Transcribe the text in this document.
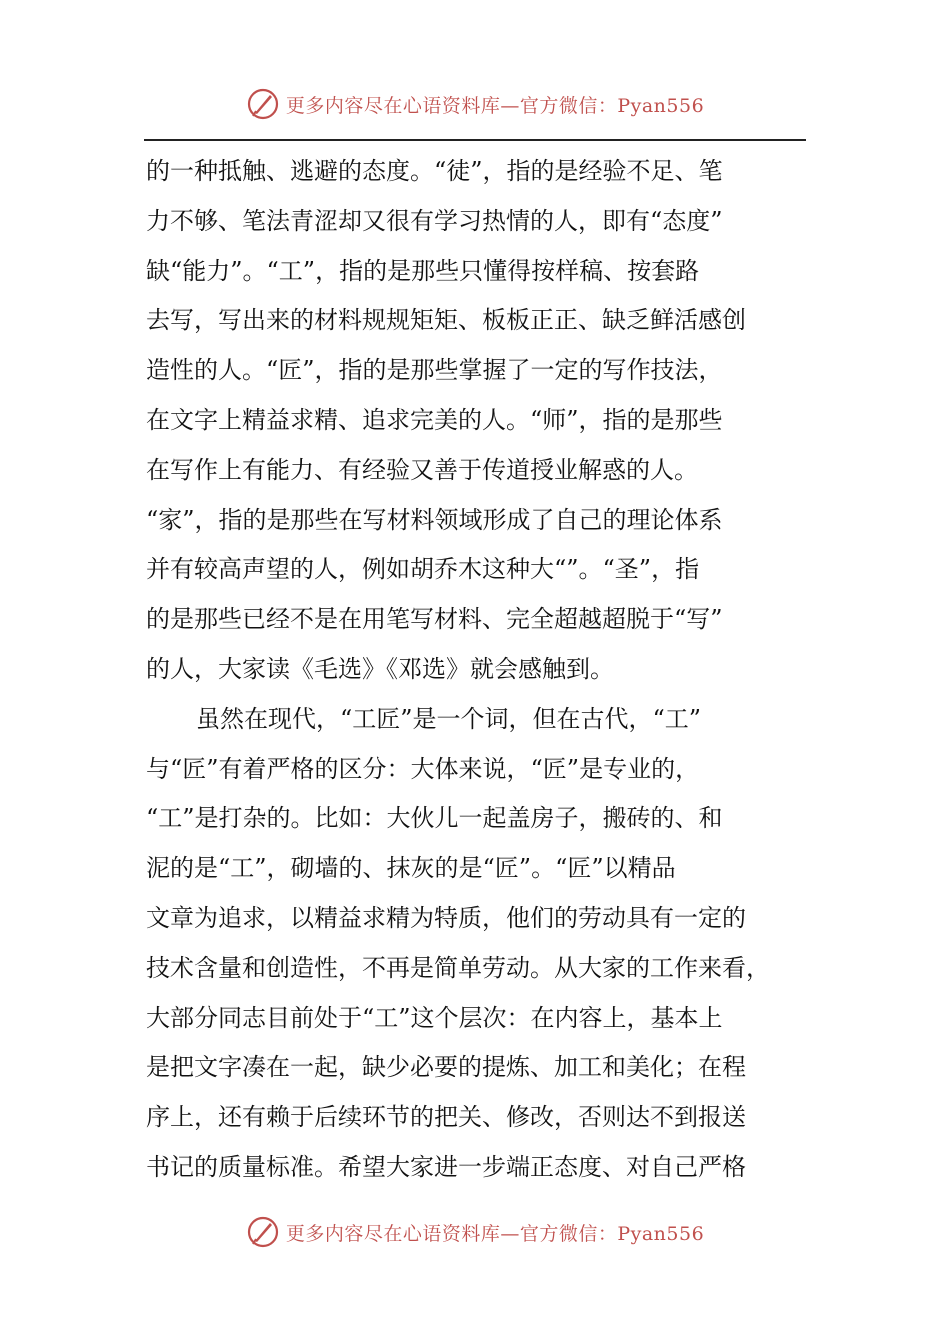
更多内容尽在心语资料库—官方微信：Pyan556
的一种抵触、逃避的态度。“徒”，指的是经验不足、笔
力不够、笔法青涩却又很有学习热情的人，即有“态度”
缺“能力”。“工”，指的是那些只懂得按样稿、按套路
去写，写出来的材料规规矩矩、板板正正、缺乏鲜活感创
造性的人。“匠”，指的是那些掌握了一定的写作技法，
在文字上精益求精、追求完美的人。“师”，指的是那些
在写作上有能力、有经验又善于传道授业解惑的人。
“家”，指的是那些在写材料领域形成了自己的理论体系
并有较高声望的人，例如胡乔木这种大“”。“圣”，指
的是那些已经不是在用笔写材料、完全超越超脱于“写”
的人，大家读《毛选》《邓选》就会感触到。
虽然在现代，“工匠”是一个词，但在古代，“工”
与“匠”有着严格的区分：大体来说，“匠”是专业的，
“工”是打杂的。比如：大伙儿一起盖房子，搬砖的、和
泥的是“工”，砌墙的、抹灰的是“匠”。“匠”以精品
文章为追求，以精益求精为特质，他们的劳动具有一定的
技术含量和创造性，不再是简单劳动。从大家的工作来看，
大部分同志目前处于“工”这个层次：在内容上，基本上
是把文字凑在一起，缺少必要的提炼、加工和美化；在程
序上，还有赖于后续环节的把关、修改，否则达不到报送
书记的质量标准。希望大家进一步端正态度、对自己严格
更多内容尽在心语资料库—官方微信：Pyan556
